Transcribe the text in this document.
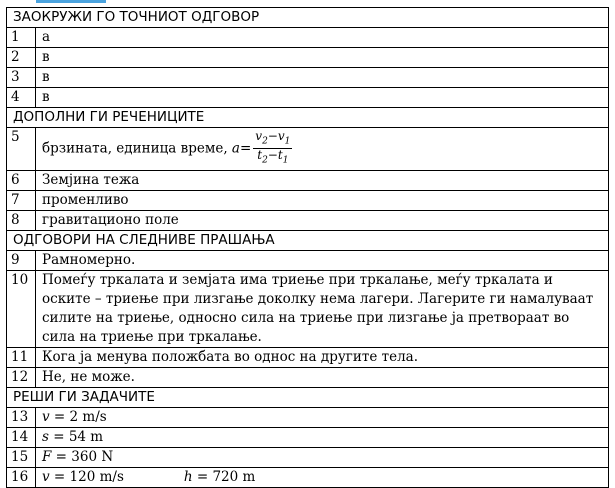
ЗАОКРУЖИ ГО ТОЧНИОТ ОДГОВОР	
1	а
2	в
3	в
4	в
ДОПОЛНИ ГИ РЕЧЕНИЦИТЕ	
5	брзината, единица време, $a= \frac{v_2-v_1}{t_2-t_1}$

6	Земјина тежа
7	променливо
8	гравитационо поле
ОДГОВОРИ НА СЛЕДНИВЕ ПРАШАЊА	
9	Рамномерно.
10	Помеѓу тркалата и земјата има триење при тркалање, меѓу тркалата и оските – триење при лизгање доколку нема лагери. Лагерите ги намалуваат силите на триење, односно сила на триење при лизгање ја претвораат во сила на триење при тркалање.
11	Кога ја менува положбата во однос на другите тела.
12	Не, не може.
РЕШИ ГИ ЗАДАЧИТЕ	
13	v = 2 m/s
14	s = 54 m
15	F = 360 N
16	v = 120 m/s h = 720 m
